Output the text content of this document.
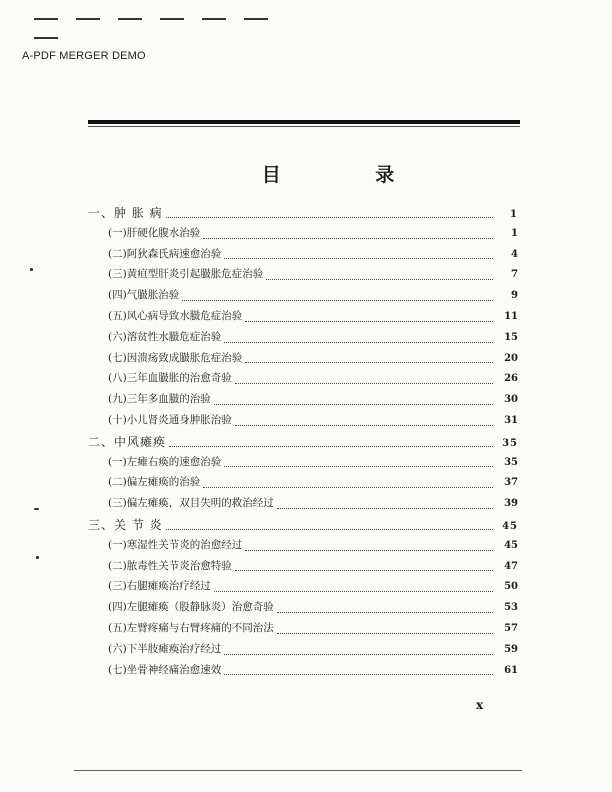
A-PDF MERGER DEMO
目 录
一、肿 胀 病	1
(一)肝硬化腹水治验	1
(二)阿狄森氏病速愈治验	4
(三)黄疸型肝炎引起臌胀危症治验	7
(四)气臌胀治验	9
(五)风心病导致水臌危症治验	11
(六)溶贫性水臌危症治验	15
(七)因溃疡致成臌胀危症治验	20
(八)三年血臌胀的治愈奇验	26
(九)三年多血臌的治验	30
(十)小儿肾炎通身肿胀治验	31
二、中风瘫痪	35
(一)左瘫右痪的速愈治验	35
(二)偏左瘫痪的治验	37
(三)偏左瘫痪，双目失明的救治经过	39
三、关 节 炎	45
(一)寒湿性关节炎的治愈经过	45
(二)脓毒性关节炎治愈特验	47
(三)右腿瘫痪治疗经过	50
(四)左腿瘫痪（股静脉炎）治愈奇验	53
(五)左臂疼痛与右臂疼痛的不同治法	57
(六)下半肢瘫痪治疗经过	59
(七)坐骨神经痛治愈速效	61
x
